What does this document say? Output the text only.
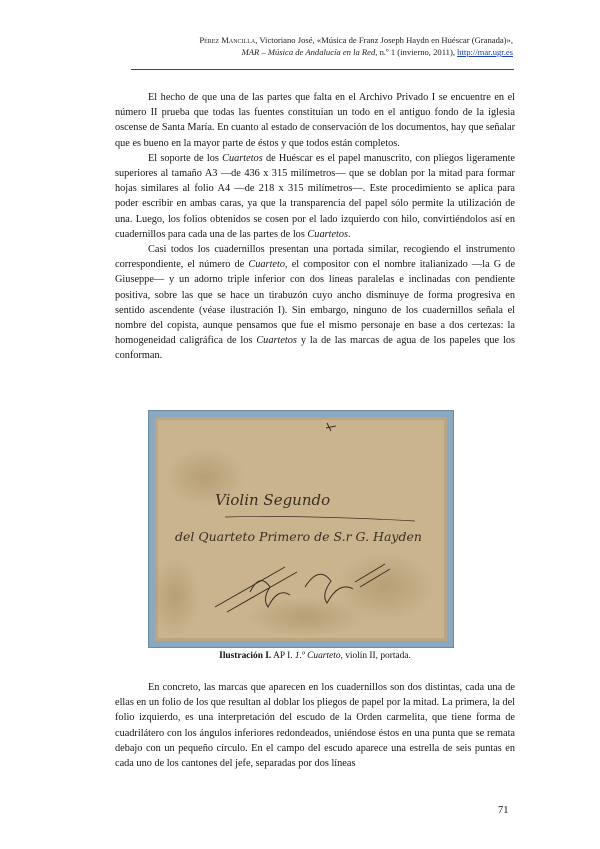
Pérez Mancilla, Victoriano José, «Música de Franz Joseph Haydn en Huéscar (Granada)»,
MAR – Música de Andalucía en la Red, n.º 1 (invierno, 2011), http://mar.ugr.es

El hecho de que una de las partes que falta en el Archivo Privado I se encuentre en el número II prueba que todas las fuentes constituían un todo en el antiguo fondo de la iglesia oscense de Santa María. En cuanto al estado de conservación de los documentos, hay que señalar que es bueno en la mayor parte de éstos y que todos están completos.

El soporte de los Cuartetos de Huéscar es el papel manuscrito, con pliegos ligeramente superiores al tamaño A3 —de 436 x 315 milímetros— que se doblan por la mitad para formar hojas similares al folio A4 —de 218 x 315 milímetros—. Este procedimiento se aplica para poder escribir en ambas caras, ya que la transparencia del papel sólo permite la utilización de una. Luego, los folios obtenidos se cosen por el lado izquierdo con hilo, convirtiéndolos así en cuadernillos para cada una de las partes de los Cuartetos.

Casi todos los cuadernillos presentan una portada similar, recogiendo el instrumento correspondiente, el número de Cuarteto, el compositor con el nombre italianizado —la G de Giuseppe— y un adorno triple inferior con dos líneas paralelas e inclinadas con pendiente positiva, sobre las que se hace un tirabuzón cuyo ancho disminuye de forma progresiva en sentido ascendente (véase ilustración I). Sin embargo, ninguno de los cuadernillos señala el nombre del copista, aunque pensamos que fue el mismo personaje en base a dos certezas: la homogeneidad caligráfica de los Cuartetos y la de las marcas de agua de los papeles que los conforman.

Violin Segundo
del Quarteto Primero de S.r G. Hayden
Ilustración I. AP I. 1.º Cuarteto, violín II, portada.

En concreto, las marcas que aparecen en los cuadernillos son dos distintas, cada una de ellas en un folio de los que resultan al doblar los pliegos de papel por la mitad. La primera, la del folio izquierdo, es una interpretación del escudo de la Orden carmelita, que tiene forma de cuadrilátero con los ángulos inferiores redondeados, uniéndose éstos en una punta que se remata debajo con un pequeño círculo. En el campo del escudo aparece una estrella de seis puntas en cada uno de los cantones del jefe, separadas por dos líneas

71
